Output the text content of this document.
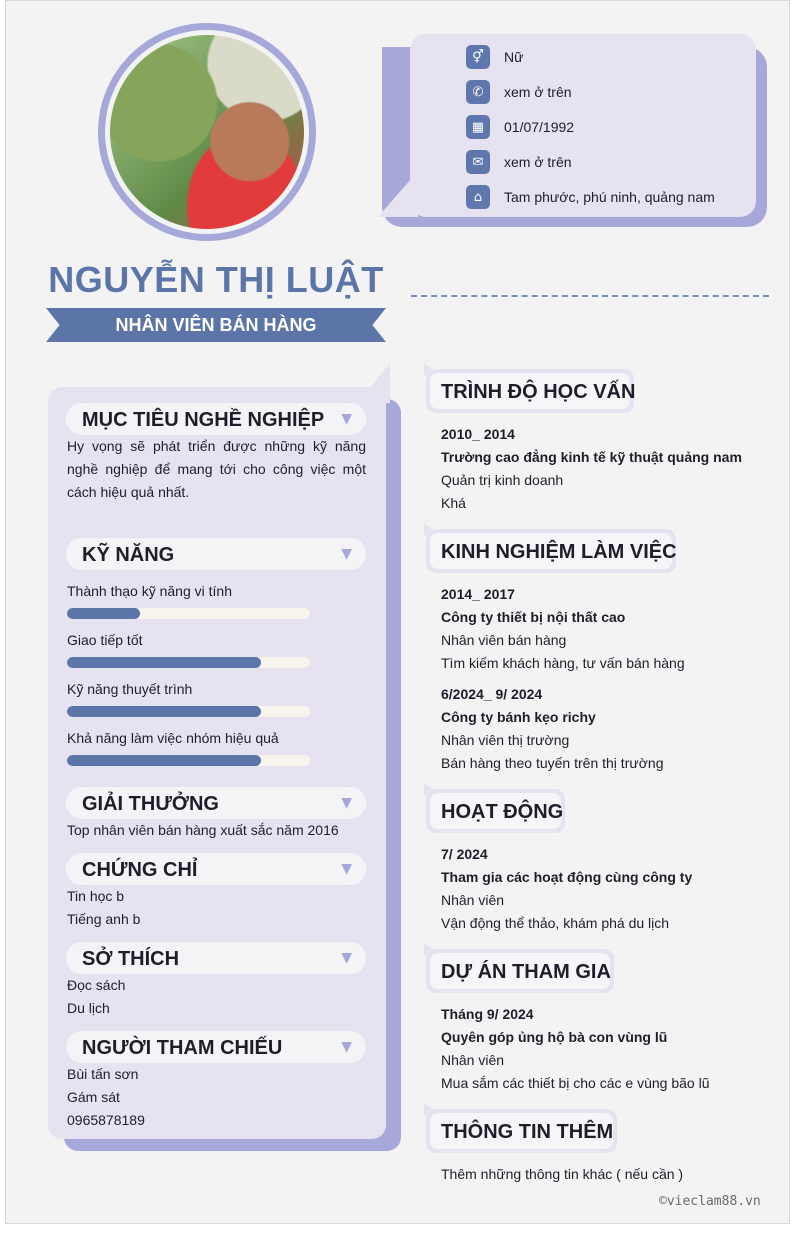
⚥	Nữ
✆	xem ở trên
▦	01/07/1992
✉	xem ở trên
⌂	Tam phước, phú ninh, quảng nam
NGUYỄN THỊ LUẬT
NHÂN VIÊN BÁN HÀNG
MỤC TIÊU NGHỀ NGHIỆP ▼
Hy vọng sẽ phát triển được những kỹ năng nghề nghiệp để mang tới cho công việc một cách hiệu quả nhất.
KỸ NĂNG	▼
Thành thạo kỹ năng vi tính
Giao tiếp tốt
Kỹ năng thuyết trình
Khả năng làm việc nhóm hiệu quả
GIẢI THƯỞNG	▼
Top nhân viên bán hàng xuất sắc năm 2016
CHỨNG CHỈ	▼
Tin học b
Tiếng anh b
SỞ THÍCH	▼
Đọc sách
Du lịch
NGƯỜI THAM CHIẾU	▼
Bùi tấn sơn
Gám sát
0965878189
TRÌNH ĐỘ HỌC VẤN
2010_ 2014
Trường cao đẳng kinh tế kỹ thuật quảng nam
Quản trị kinh doanh
Khá
KINH NGHIỆM LÀM VIỆC
2014_ 2017
Công ty thiết bị nội thất cao
Nhân viên bán hàng
Tìm kiếm khách hàng, tư vấn bán hàng
6/2024_ 9/ 2024
Công ty bánh kẹo richy
Nhân viên thị trường
Bán hàng theo tuyến trên thị trường
HOẠT ĐỘNG
7/ 2024
Tham gia các hoạt động cùng công ty
Nhân viên
Vận động thể thảo, khám phá du lịch
DỰ ÁN THAM GIA
Tháng 9/ 2024
Quyên góp ủng hộ bà con vùng lũ
Nhân viên
Mua sắm các thiết bị cho các e vùng bão lũ
THÔNG TIN THÊM
Thêm những thông tin khác ( nếu cần )
©vieclam88.vn
